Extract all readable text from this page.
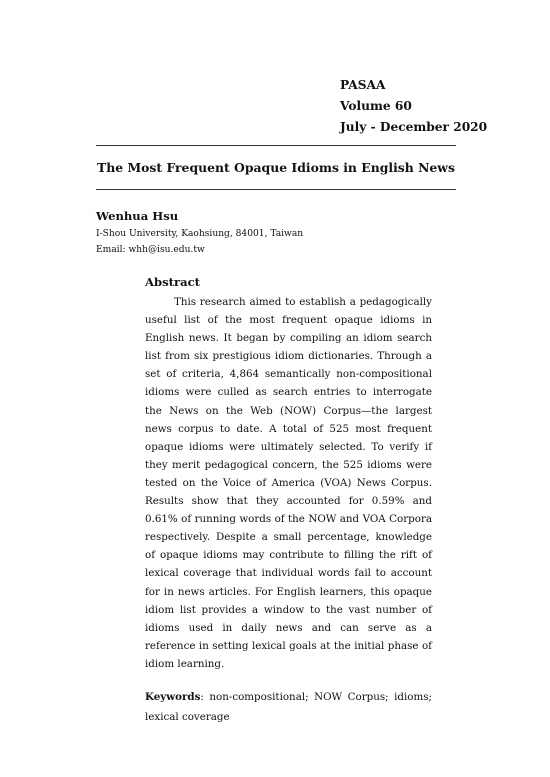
PASAA
Volume 60
July - December 2020
The Most Frequent Opaque Idioms in English News
Wenhua Hsu
I-Shou University, Kaohsiung, 84001, Taiwan
Email: whh@isu.edu.tw
Abstract

This research aimed to establish a pedagogically useful list of the most frequent opaque idioms in English news. It began by compiling an idiom search list from six prestigious idiom dictionaries. Through a set of criteria, 4,864 semantically non-compositional idioms were culled as search entries to interrogate the News on the Web (NOW) Corpus—the largest news corpus to date. A total of 525 most frequent opaque idioms were ultimately selected. To verify if they merit pedagogical concern, the 525 idioms were tested on the Voice of America (VOA) News Corpus. Results show that they accounted for 0.59% and 0.61% of running words of the NOW and VOA Corpora respectively. Despite a small percentage, knowledge of opaque idioms may contribute to filling the rift of lexical coverage that individual words fail to account for in news articles. For English learners, this opaque idiom list provides a window to the vast number of idioms used in daily news and can serve as a reference in setting lexical goals at the initial phase of idiom learning.

Keywords: non-compositional; NOW Corpus; idioms; lexical coverage
